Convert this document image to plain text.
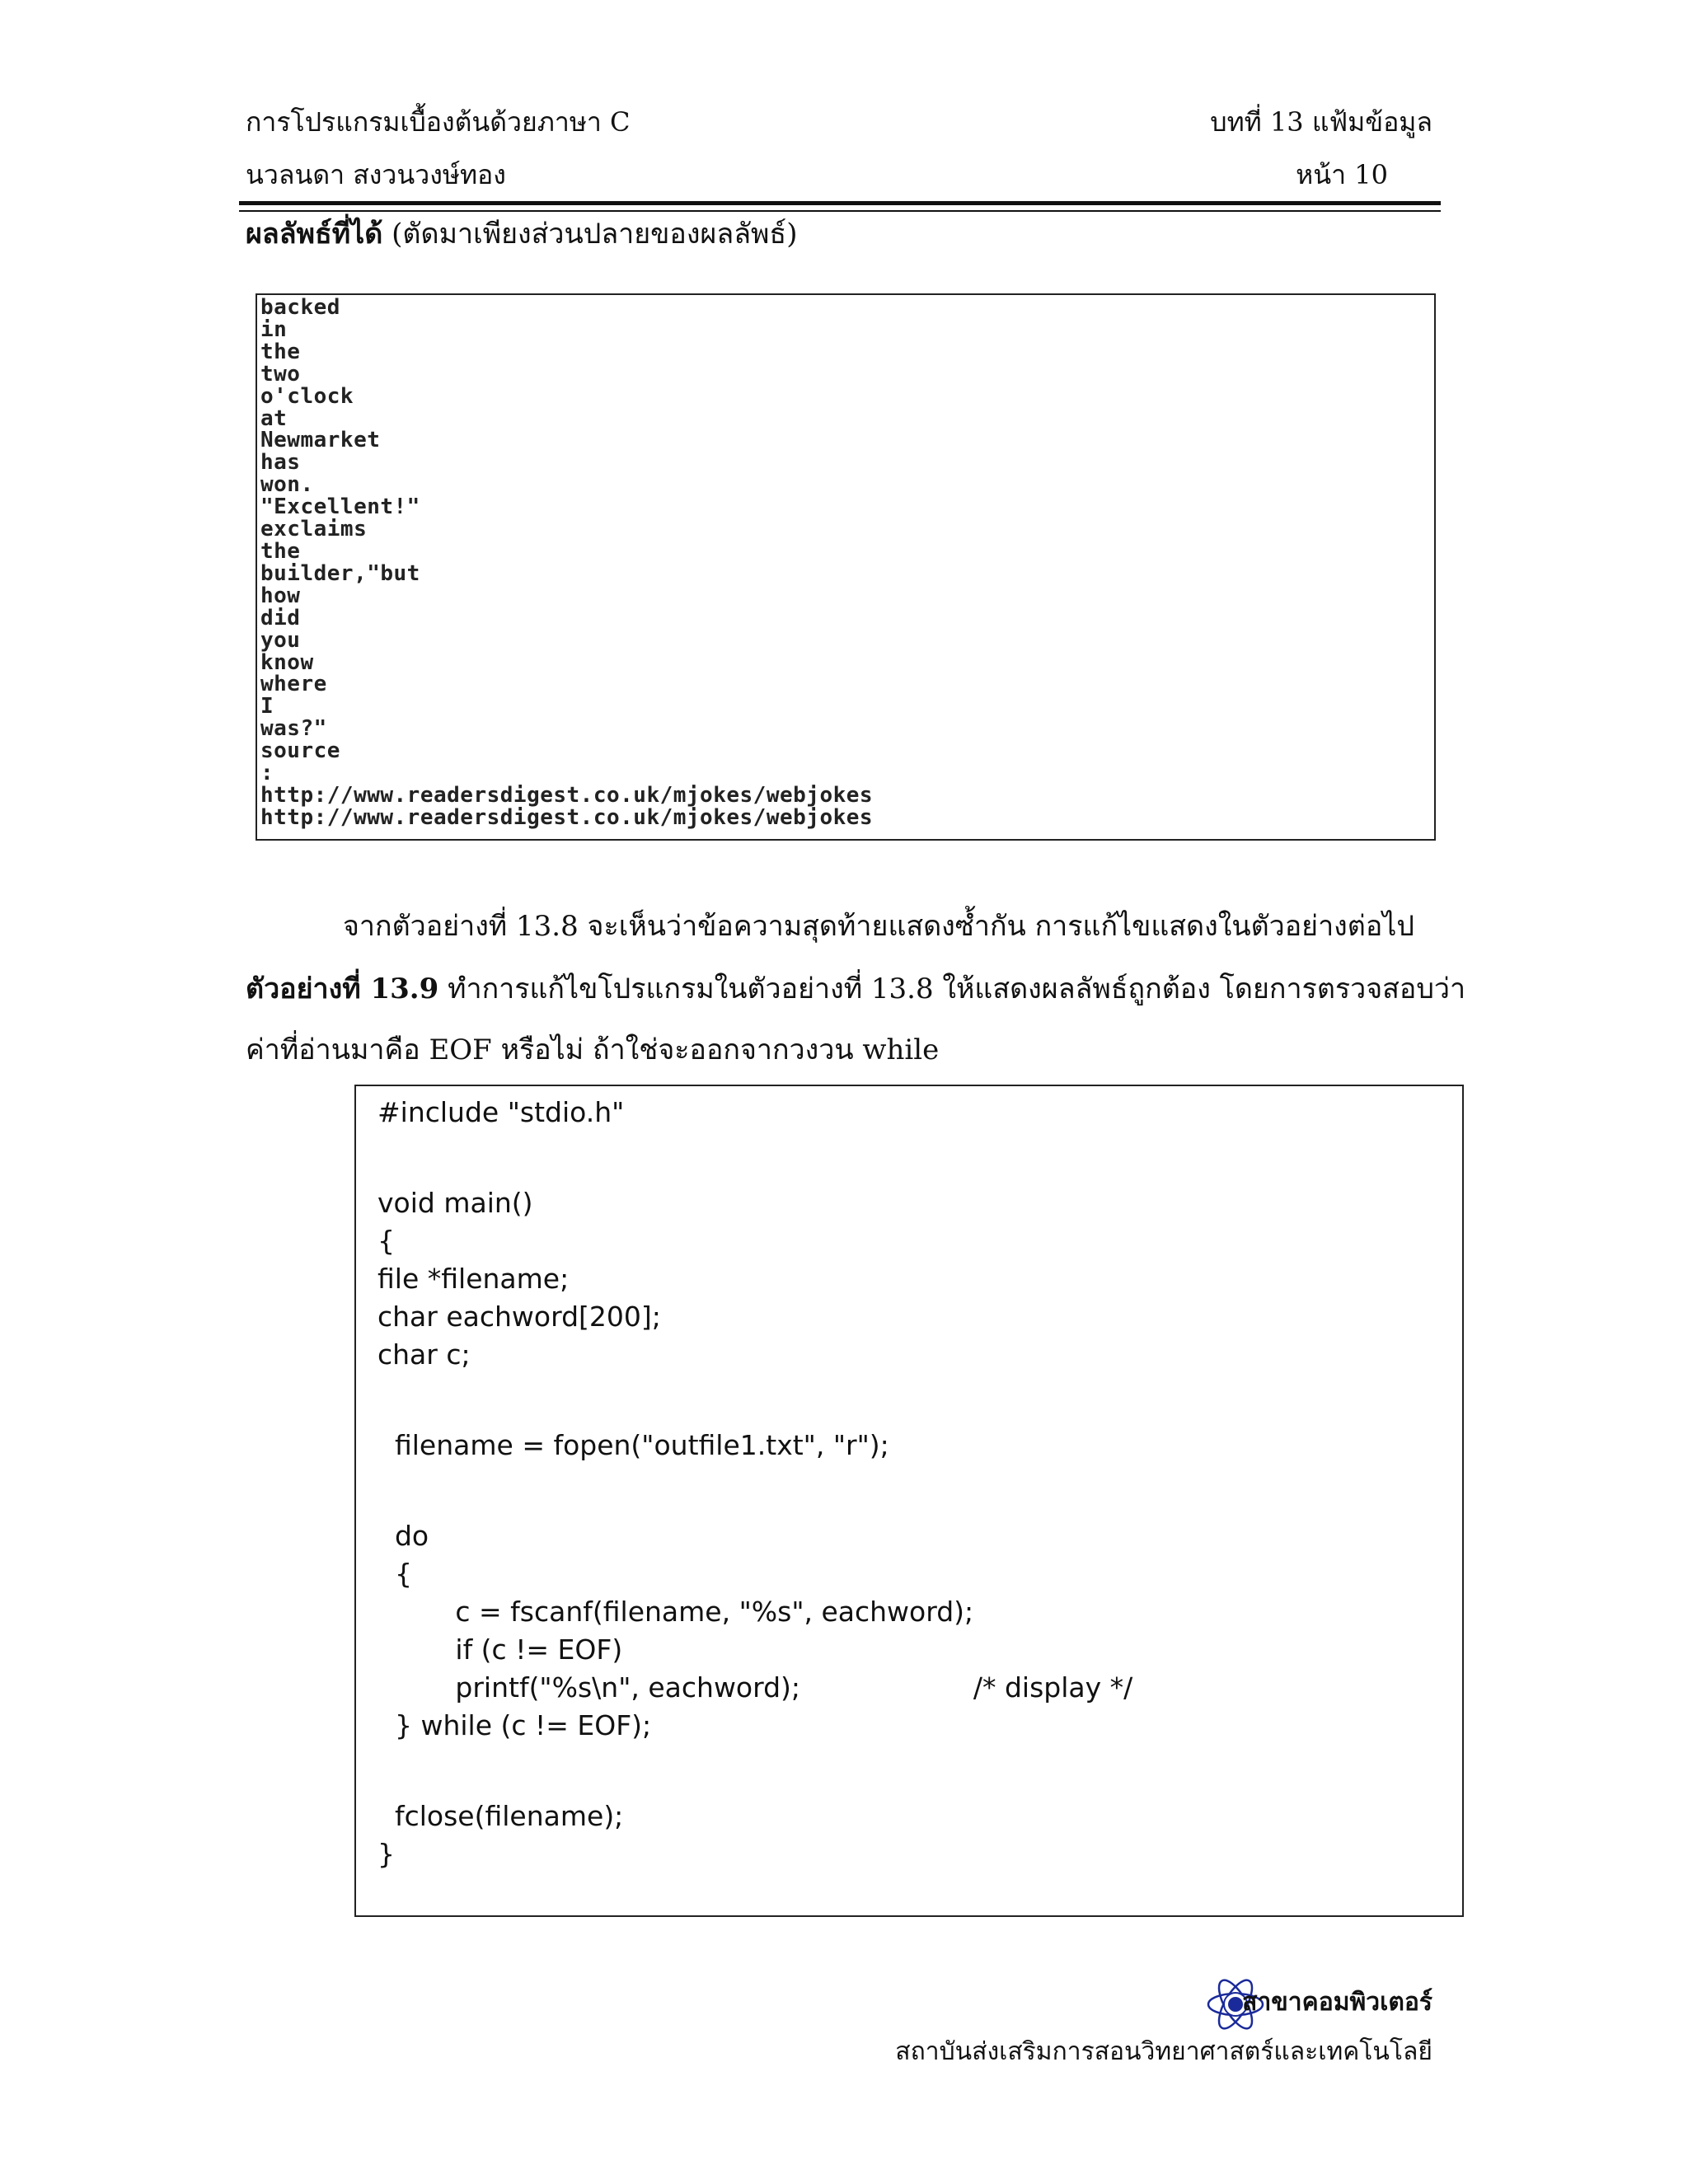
การโปรแกรมเบื้องต้นด้วยภาษา C
นวลนดา สงวนวงษ์ทอง
บทที่ 13 แฟ้มข้อมูล
หน้า 10
ผลลัพธ์ที่ได้ (ตัดมาเพียงส่วนปลายของผลลัพธ์)
backed
in
the
two
o'clock
at
Newmarket
has
won.
"Excellent!"
exclaims
the
builder,"but
how
did
you
know
where
I
was?"
source
:
http://www.readersdigest.co.uk/mjokes/webjokes
http://www.readersdigest.co.uk/mjokes/webjokes
จากตัวอย่างที่ 13.8 จะเห็นว่าข้อความสุดท้ายแสดงซ้ำกัน การแก้ไขแสดงในตัวอย่างต่อไป
ตัวอย่างที่ 13.9 ทำการแก้ไขโปรแกรมในตัวอย่างที่ 13.8 ให้แสดงผลลัพธ์ถูกต้อง โดยการตรวจสอบว่า
ค่าที่อ่านมาคือ EOF หรือไม่ ถ้าใช่จะออกจากวงวน while
#include "stdio.h"
void main()
{
file *filename;
char eachword[200];
char c;
filename = fopen("outfile1.txt", "r");
do
{
c = fscanf(filename, "%s", eachword);
if (c != EOF)
printf("%s\n", eachword);                    /* display */
} while (c != EOF);
fclose(filename);
}
สาขาคอมพิวเตอร์
สถาบันส่งเสริมการสอนวิทยาศาสตร์และเทคโนโลยี
